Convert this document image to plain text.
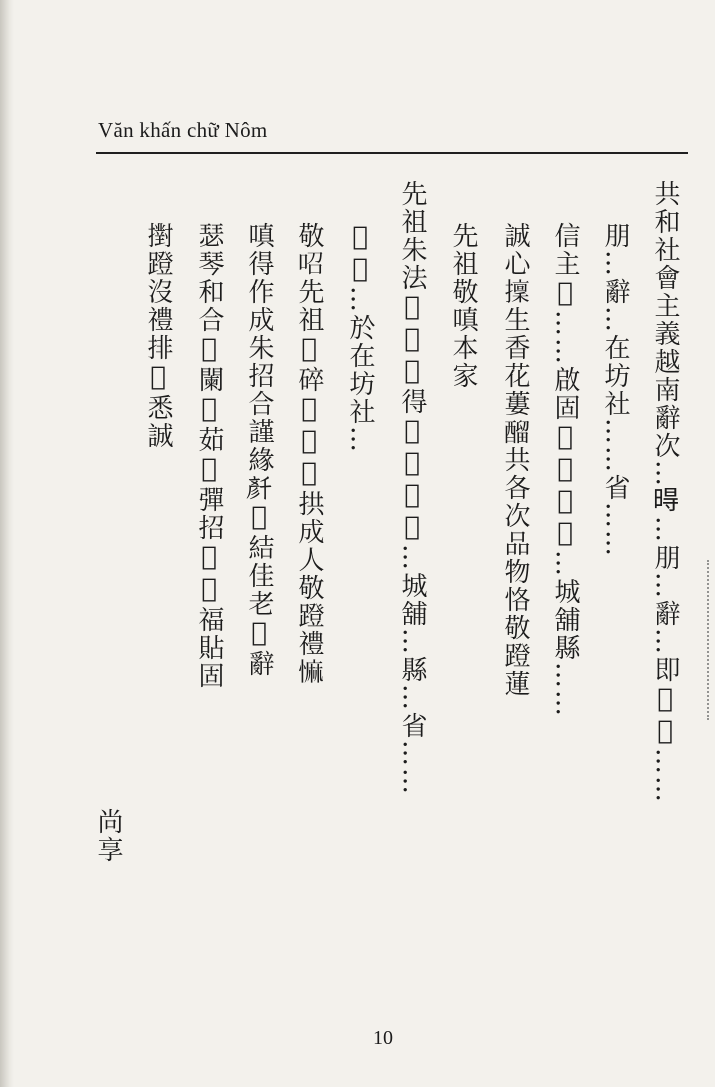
Văn khấn chữ Nôm
共和社會主義越南辭次…𣈜…朋…辭…即𥪝𣈜……
朋…辭…在坊社……省……
信主𥪝……啟固𩈘𠀧𡀮𥪝…城舖縣……
誠心𢶸生香花蔞𨢇共各次品物恪敬蹬蓮
先祖敬嗔本家
先祖朱法𩈘𡀮𩈘得𥙩𡀿𡀮𥪝…城舖…縣…省……
𩈘翁…於在坊社…
敬𠰉先祖𩈘碎𠂫𢧚𢧚拱成人敬蹬禮𢠩
嗔得作成朱招合謹緣𠦳𠂫結佳老𡗶辭
瑟琴和合𢧚闌𢧚茹𩈘彈招𧵑𢃊福貼固
𢷮蹬沒禮排𣋚悉誠
尚享
10
